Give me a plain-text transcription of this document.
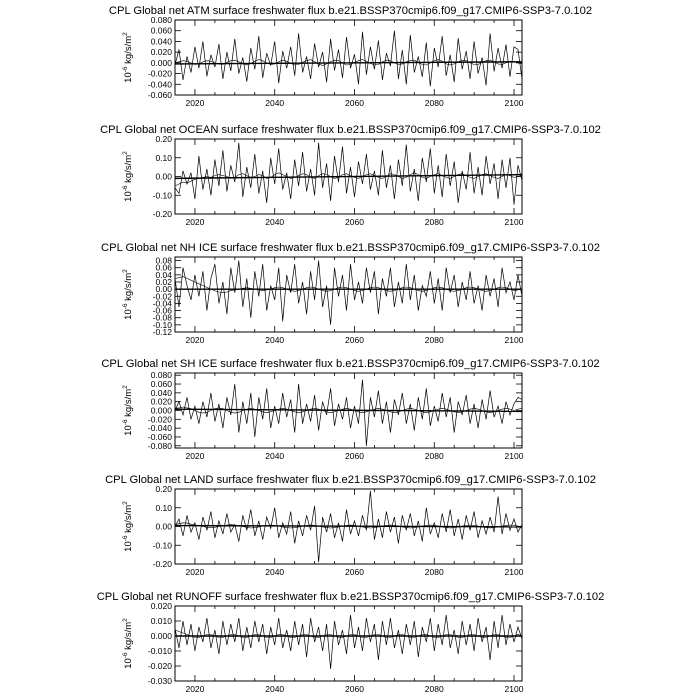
CPL Global net ATM surface freshwater flux b.e21.BSSP370cmip6.f09_g17.CMIP6-SSP3-7.0.102
$10^{-6}$ $kg/s/m^2$
-0.060
-0.040
-0.020
0.000
0.020
0.040
0.060
0.080
2020	2040	2060	2080	2100
CPL Global net OCEAN surface freshwater flux b.e21.BSSP370cmip6.f09_g17.CMIP6-SSP3-7.0.102
$10^{-6}$ $kg/s/m^2$
-0.20
-0.10
0.00
0.10
0.20
2020	2040	2060	2080	2100
CPL Global net NH ICE surface freshwater flux b.e21.BSSP370cmip6.f09_g17.CMIP6-SSP3-7.0.102
$10^{-6}$ $kg/s/m^2$
-0.12
-0.10
-0.08
-0.06
-0.04
-0.02
0.00
0.02
0.04
0.06
0.08
2020	2040	2060	2080	2100
CPL Global net SH ICE surface freshwater flux b.e21.BSSP370cmip6.f09_g17.CMIP6-SSP3-7.0.102
$10^{-6}$ $kg/s/m^2$
-0.080
-0.060
-0.040
-0.020
0.000
0.020
0.040
0.060
0.080
2020	2040	2060	2080	2100
CPL Global net LAND surface freshwater flux b.e21.BSSP370cmip6.f09_g17.CMIP6-SSP3-7.0.102
$10^{-6}$ $kg/s/m^2$
-0.20
-0.10
0.00
0.10
0.20
2020	2040	2060	2080	2100
CPL Global net RUNOFF surface freshwater flux b.e21.BSSP370cmip6.f09_g17.CMIP6-SSP3-7.0.102
$10^{-6}$ $kg/s/m^2$
-0.030
-0.020
-0.010
0.000
0.010
0.020
2020	2040	2060	2080	2100
